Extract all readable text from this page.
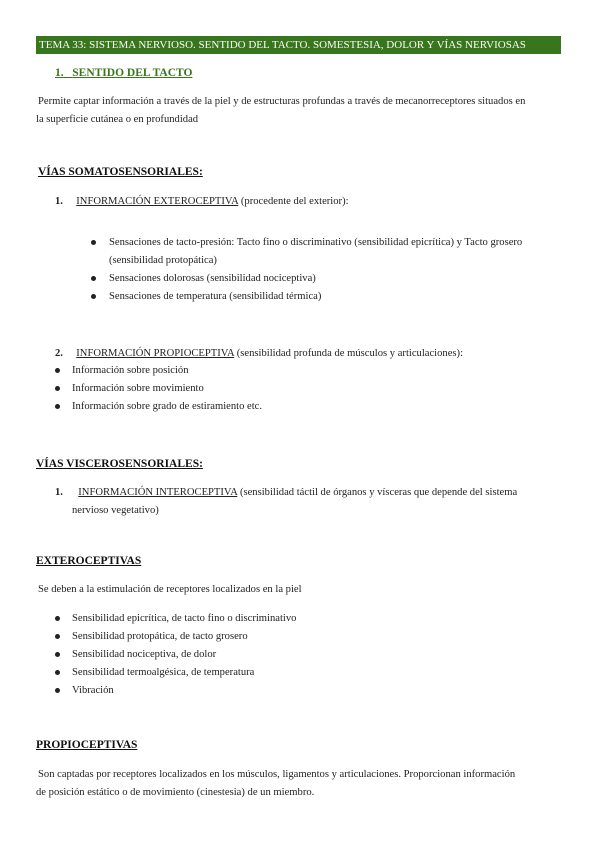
TEMA 33: SISTEMA NERVIOSO. SENTIDO DEL TACTO. SOMESTESIA, DOLOR Y VÍAS NERVIOSAS
1. SENTIDO DEL TACTO
Permite captar información a través de la piel y de estructuras profundas a través de mecanorreceptores situados en
la superficie cutánea o en profundidad
VÍAS SOMATOSENSORIALES:
1. INFORMACIÓN EXTEROCEPTIVA (procedente del exterior):
Sensaciones de tacto-presión: Tacto fino o discriminativo (sensibilidad epicrítica) y Tacto grosero
(sensibilidad protopática)
Sensaciones dolorosas (sensibilidad nociceptiva)
Sensaciones de temperatura (sensibilidad térmica)
2. INFORMACIÓN PROPIOCEPTIVA (sensibilidad profunda de músculos y articulaciones):
Información sobre posición
Información sobre movimiento
Información sobre grado de estiramiento etc.
VÍAS VISCEROSENSORIALES:
1. INFORMACIÓN INTEROCEPTIVA (sensibilidad táctil de órganos y vísceras que depende del sistema
nervioso vegetativo)
EXTEROCEPTIVAS
Se deben a la estimulación de receptores localizados en la piel
Sensibilidad epicrítica, de tacto fino o discriminativo
Sensibilidad protopática, de tacto grosero
Sensibilidad nociceptiva, de dolor
Sensibilidad termoalgésica, de temperatura
Vibración
PROPIOCEPTIVAS
Son captadas por receptores localizados en los músculos, ligamentos y articulaciones. Proporcionan información
de posición estático o de movimiento (cinestesia) de un miembro.
